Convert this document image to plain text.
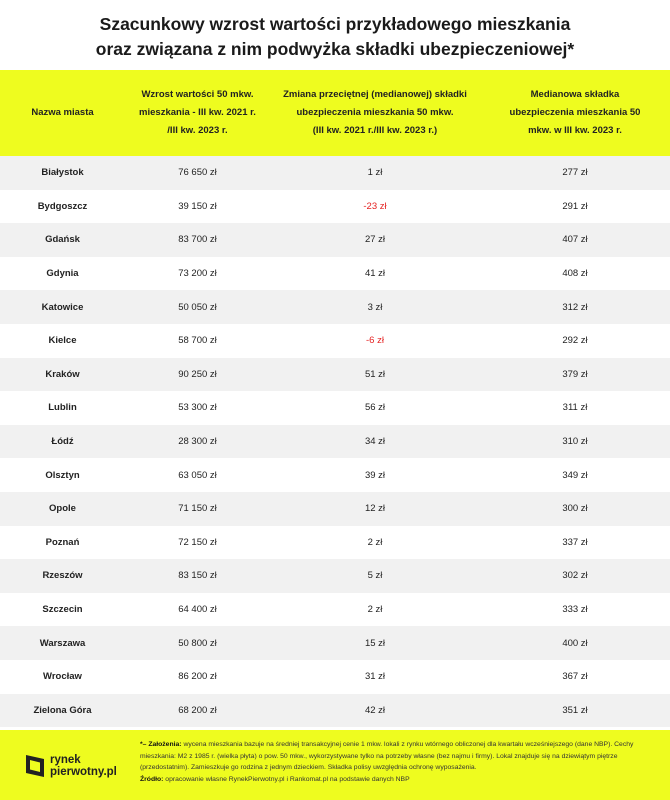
Szacunkowy wzrost wartości przykładowego mieszkania
oraz związana z nim podwyżka składki ubezpieczeniowej*
Nazwa miasta
Wzrost wartości 50 mkw.
mieszkania - III kw. 2021 r.
/III kw. 2023 r.
Zmiana przeciętnej (medianowej) składki
ubezpieczenia mieszkania 50 mkw.
(III kw. 2021 r./III kw. 2023 r.)
Medianowa składka
ubezpieczenia mieszkania 50
mkw. w III kw. 2023 r.
Białystok	76 650 zł	1 zł	277 zł
Bydgoszcz	39 150 zł	-23 zł	291 zł
Gdańsk	83 700 zł	27 zł	407 zł
Gdynia	73 200 zł	41 zł	408 zł
Katowice	50 050 zł	3 zł	312 zł
Kielce	58 700 zł	-6 zł	292 zł
Kraków	90 250 zł	51 zł	379 zł
Lublin	53 300 zł	56 zł	311 zł
Łódź	28 300 zł	34 zł	310 zł
Olsztyn	63 050 zł	39 zł	349 zł
Opole	71 150 zł	12 zł	300 zł
Poznań	72 150 zł	2 zł	337 zł
Rzeszów	83 150 zł	5 zł	302 zł
Szczecin	64 400 zł	2 zł	333 zł
Warszawa	50 800 zł	15 zł	400 zł
Wrocław	86 200 zł	31 zł	367 zł
Zielona Góra	68 200 zł	42 zł	351 zł
rynek
pierwotny.pl
*– Założenia: wycena mieszkania bazuje na średniej transakcyjnej cenie 1 mkw. lokali z rynku wtórnego obliczonej dla kwartału wcześniejszego (dane NBP). Cechy mieszkania: M2 z 1985 r. (wielka płyta) o pow. 50 mkw., wykorzystywane tylko na potrzeby własne (bez najmu i firmy). Lokal znajduje się na dziewiątym piętrze (przedostatnim). Zamieszkuje go rodzina z jednym dzieckiem. Składka polisy uwzględnia ochronę wyposażenia.
Źródło: opracowanie własne RynekPierwotny.pl i Rankomat.pl na podstawie danych NBP
